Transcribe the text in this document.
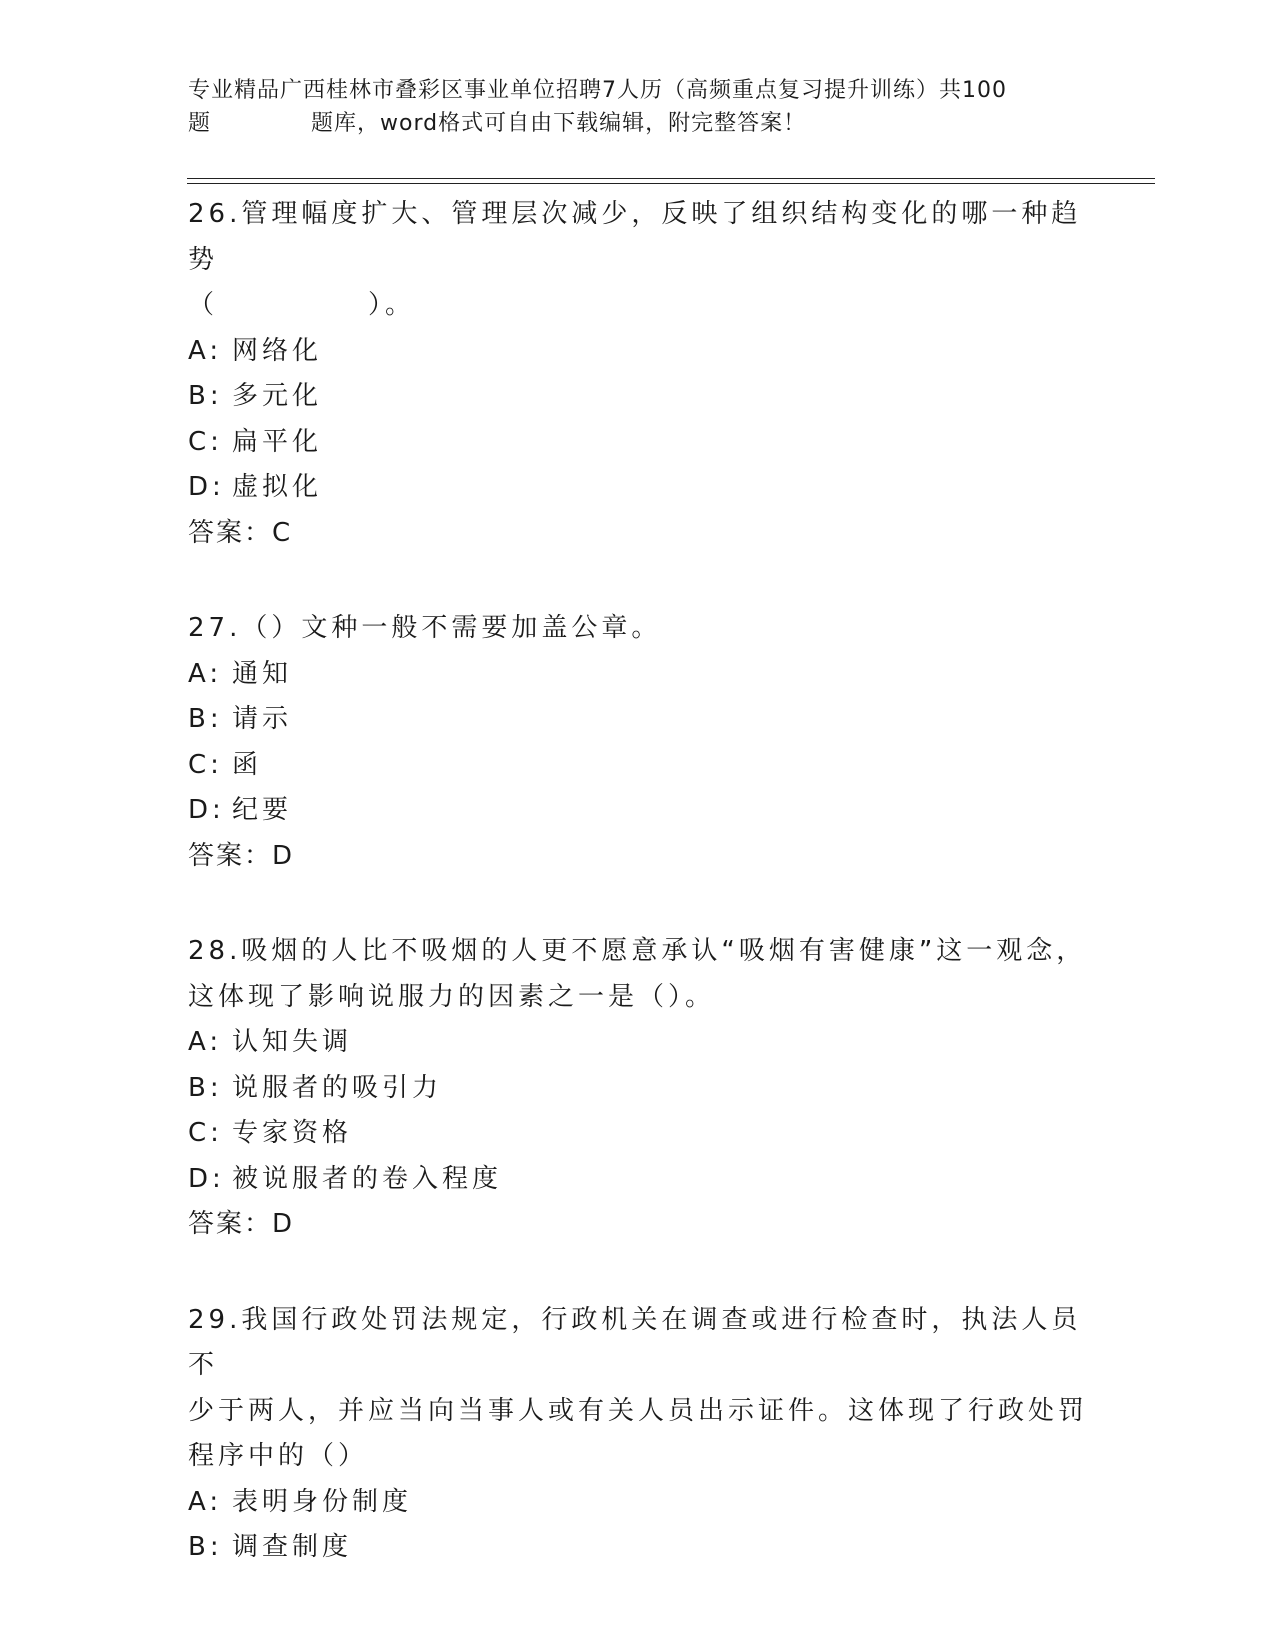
专业精品广西桂林市叠彩区事业单位招聘7人历（高频重点复习提升训练）共100
题	题库，word格式可自由下载编辑，附完整答案！
26.管理幅度扩大、管理层次减少，反映了组织结构变化的哪一种趋势
（	）。
A: 网络化
B: 多元化
C: 扁平化
D: 虚拟化
答案：C
27.（）文种一般不需要加盖公章。
A: 通知
B: 请示
C: 函
D: 纪要
答案：D
28.吸烟的人比不吸烟的人更不愿意承认“吸烟有害健康”这一观念，
这体现了影响说服力的因素之一是（）。
A: 认知失调
B: 说服者的吸引力
C: 专家资格
D: 被说服者的卷入程度
答案：D
29.我国行政处罚法规定，行政机关在调查或进行检查时，执法人员不
少于两人，并应当向当事人或有关人员出示证件。这体现了行政处罚
程序中的（）
A: 表明身份制度
B: 调查制度
